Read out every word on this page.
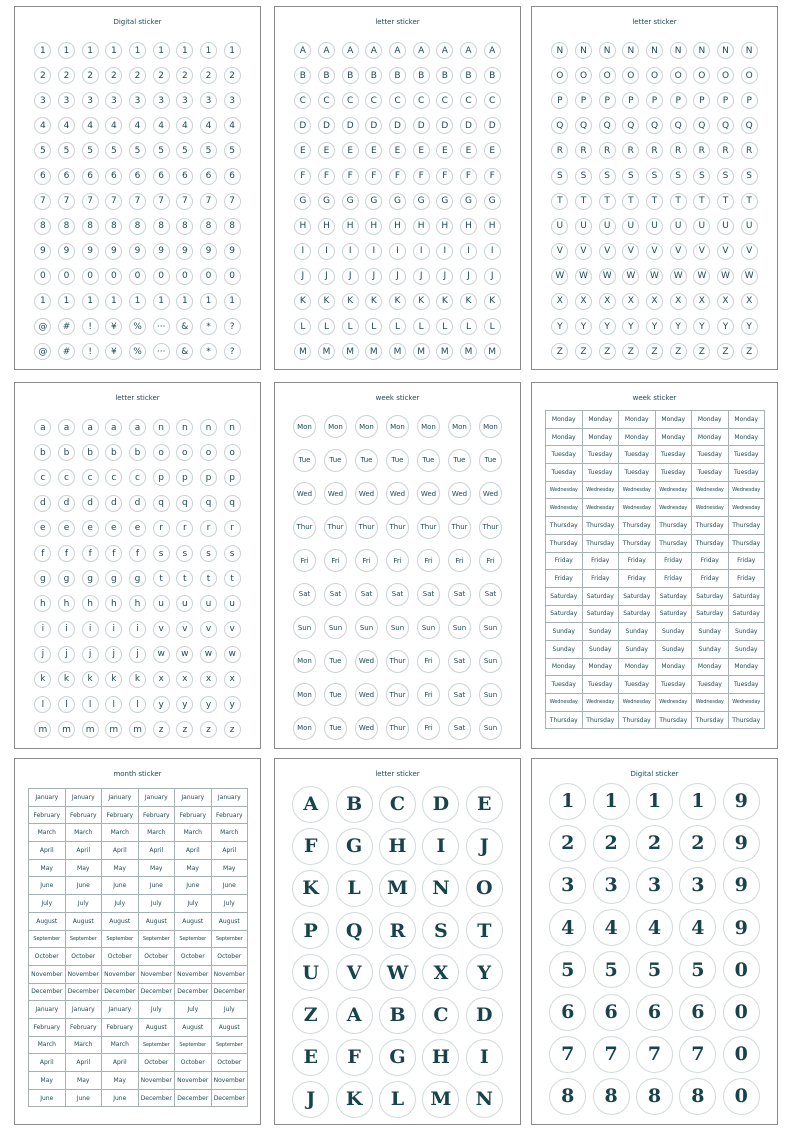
Digital sticker
1	1	1	1	1	1	1	1	1
2	2	2	2	2	2	2	2	2
3	3	3	3	3	3	3	3	3
4	4	4	4	4	4	4	4	4
5	5	5	5	5	5	5	5	5
6	6	6	6	6	6	6	6	6
7	7	7	7	7	7	7	7	7
8	8	8	8	8	8	8	8	8
9	9	9	9	9	9	9	9	9
0	0	0	0	0	0	0	0	0
1	1	1	1	1	1	1	1	1
@	#	!	¥	%	···	&	*	?
@	#	!	¥	%	···	&	*	?
letter sticker
A	A	A	A	A	A	A	A	A
B	B	B	B	B	B	B	B	B
C	C	C	C	C	C	C	C	C
D	D	D	D	D	D	D	D	D
E	E	E	E	E	E	E	E	E
F	F	F	F	F	F	F	F	F
G	G	G	G	G	G	G	G	G
H	H	H	H	H	H	H	H	H
I	I	I	I	I	I	I	I	I
J	J	J	J	J	J	J	J	J
K	K	K	K	K	K	K	K	K
L	L	L	L	L	L	L	L	L
M	M	M	M	M	M	M	M	M
letter sticker
N	N	N	N	N	N	N	N	N
O	O	O	O	O	O	O	O	O
P	P	P	P	P	P	P	P	P
Q	Q	Q	Q	Q	Q	Q	Q	Q
R	R	R	R	R	R	R	R	R
S	S	S	S	S	S	S	S	S
T	T	T	T	T	T	T	T	T
U	U	U	U	U	U	U	U	U
V	V	V	V	V	V	V	V	V
W	W	W	W	W	W	W	W	W
X	X	X	X	X	X	X	X	X
Y	Y	Y	Y	Y	Y	Y	Y	Y
Z	Z	Z	Z	Z	Z	Z	Z	Z
letter sticker
a	a	a	a	a	n	n	n	n
b	b	b	b	b	o	o	o	o
c	c	c	c	c	p	p	p	p
d	d	d	d	d	q	q	q	q
e	e	e	e	e	r	r	r	r
f	f	f	f	f	s	s	s	s
g	g	g	g	g	t	t	t	t
h	h	h	h	h	u	u	u	u
i	i	i	i	i	v	v	v	v
j	j	j	j	j	w	w	w	w
k	k	k	k	k	x	x	x	x
l	l	l	l	l	y	y	y	y
m	m	m	m	m	z	z	z	z
week sticker
Mon	Mon	Mon	Mon	Mon	Mon	Mon
Tue	Tue	Tue	Tue	Tue	Tue	Tue
Wed	Wed	Wed	Wed	Wed	Wed	Wed
Thur	Thur	Thur	Thur	Thur	Thur	Thur
Fri	Fri	Fri	Fri	Fri	Fri	Fri
Sat	Sat	Sat	Sat	Sat	Sat	Sat
Sun	Sun	Sun	Sun	Sun	Sun	Sun
Mon	Tue	Wed	Thur	Fri	Sat	Sun
Mon	Tue	Wed	Thur	Fri	Sat	Sun
Mon	Tue	Wed	Thur	Fri	Sat	Sun
week sticker
Monday	Monday	Monday	Monday	Monday	Monday
Monday	Monday	Monday	Monday	Monday	Monday
Tuesday	Tuesday	Tuesday	Tuesday	Tuesday	Tuesday
Tuesday	Tuesday	Tuesday	Tuesday	Tuesday	Tuesday
Wednesday	Wednesday	Wednesday	Wednesday	Wednesday	Wednesday
Wednesday	Wednesday	Wednesday	Wednesday	Wednesday	Wednesday
Thursday	Thursday	Thursday	Thursday	Thursday	Thursday
Thursday	Thursday	Thursday	Thursday	Thursday	Thursday
Friday	Friday	Friday	Friday	Friday	Friday
Friday	Friday	Friday	Friday	Friday	Friday
Saturday	Saturday	Saturday	Saturday	Saturday	Saturday
Saturday	Saturday	Saturday	Saturday	Saturday	Saturday
Sunday	Sunday	Sunday	Sunday	Sunday	Sunday
Sunday	Sunday	Sunday	Sunday	Sunday	Sunday
Monday	Monday	Monday	Monday	Monday	Monday
Tuesday	Tuesday	Tuesday	Tuesday	Tuesday	Tuesday
Wednesday	Wednesday	Wednesday	Wednesday	Wednesday	Wednesday
Thursday	Thursday	Thursday	Thursday	Thursday	Thursday
month sticker
January	January	January	January	January	January
February	February	February	February	February	February
March	March	March	March	March	March
April	April	April	April	April	April
May	May	May	May	May	May
June	June	June	June	June	June
July	July	July	July	July	July
August	August	August	August	August	August
September	September	September	September	September	September
October	October	October	October	October	October
November November November November November November
December December December December December December
January	January	January	July	July	July
February	February	February	August	August	August
March	March	March	September	September	September
April	April	April	October	October	October
May	May	May	November November November
June	June	June	December December December
letter sticker
A	B	C	D	E
F	G	H	I	J
K	L	M	N	O
P	Q	R	S	T
U	V	W	X	Y
Z	A	B	C	D
E	F	G	H	I
J	K	L	M	N
Digital sticker
1	1	1	1	9
2	2	2	2	9
3	3	3	3	9
4	4	4	4	9
5	5	5	5	0
6	6	6	6	0
7	7	7	7	0
8	8	8	8	0
